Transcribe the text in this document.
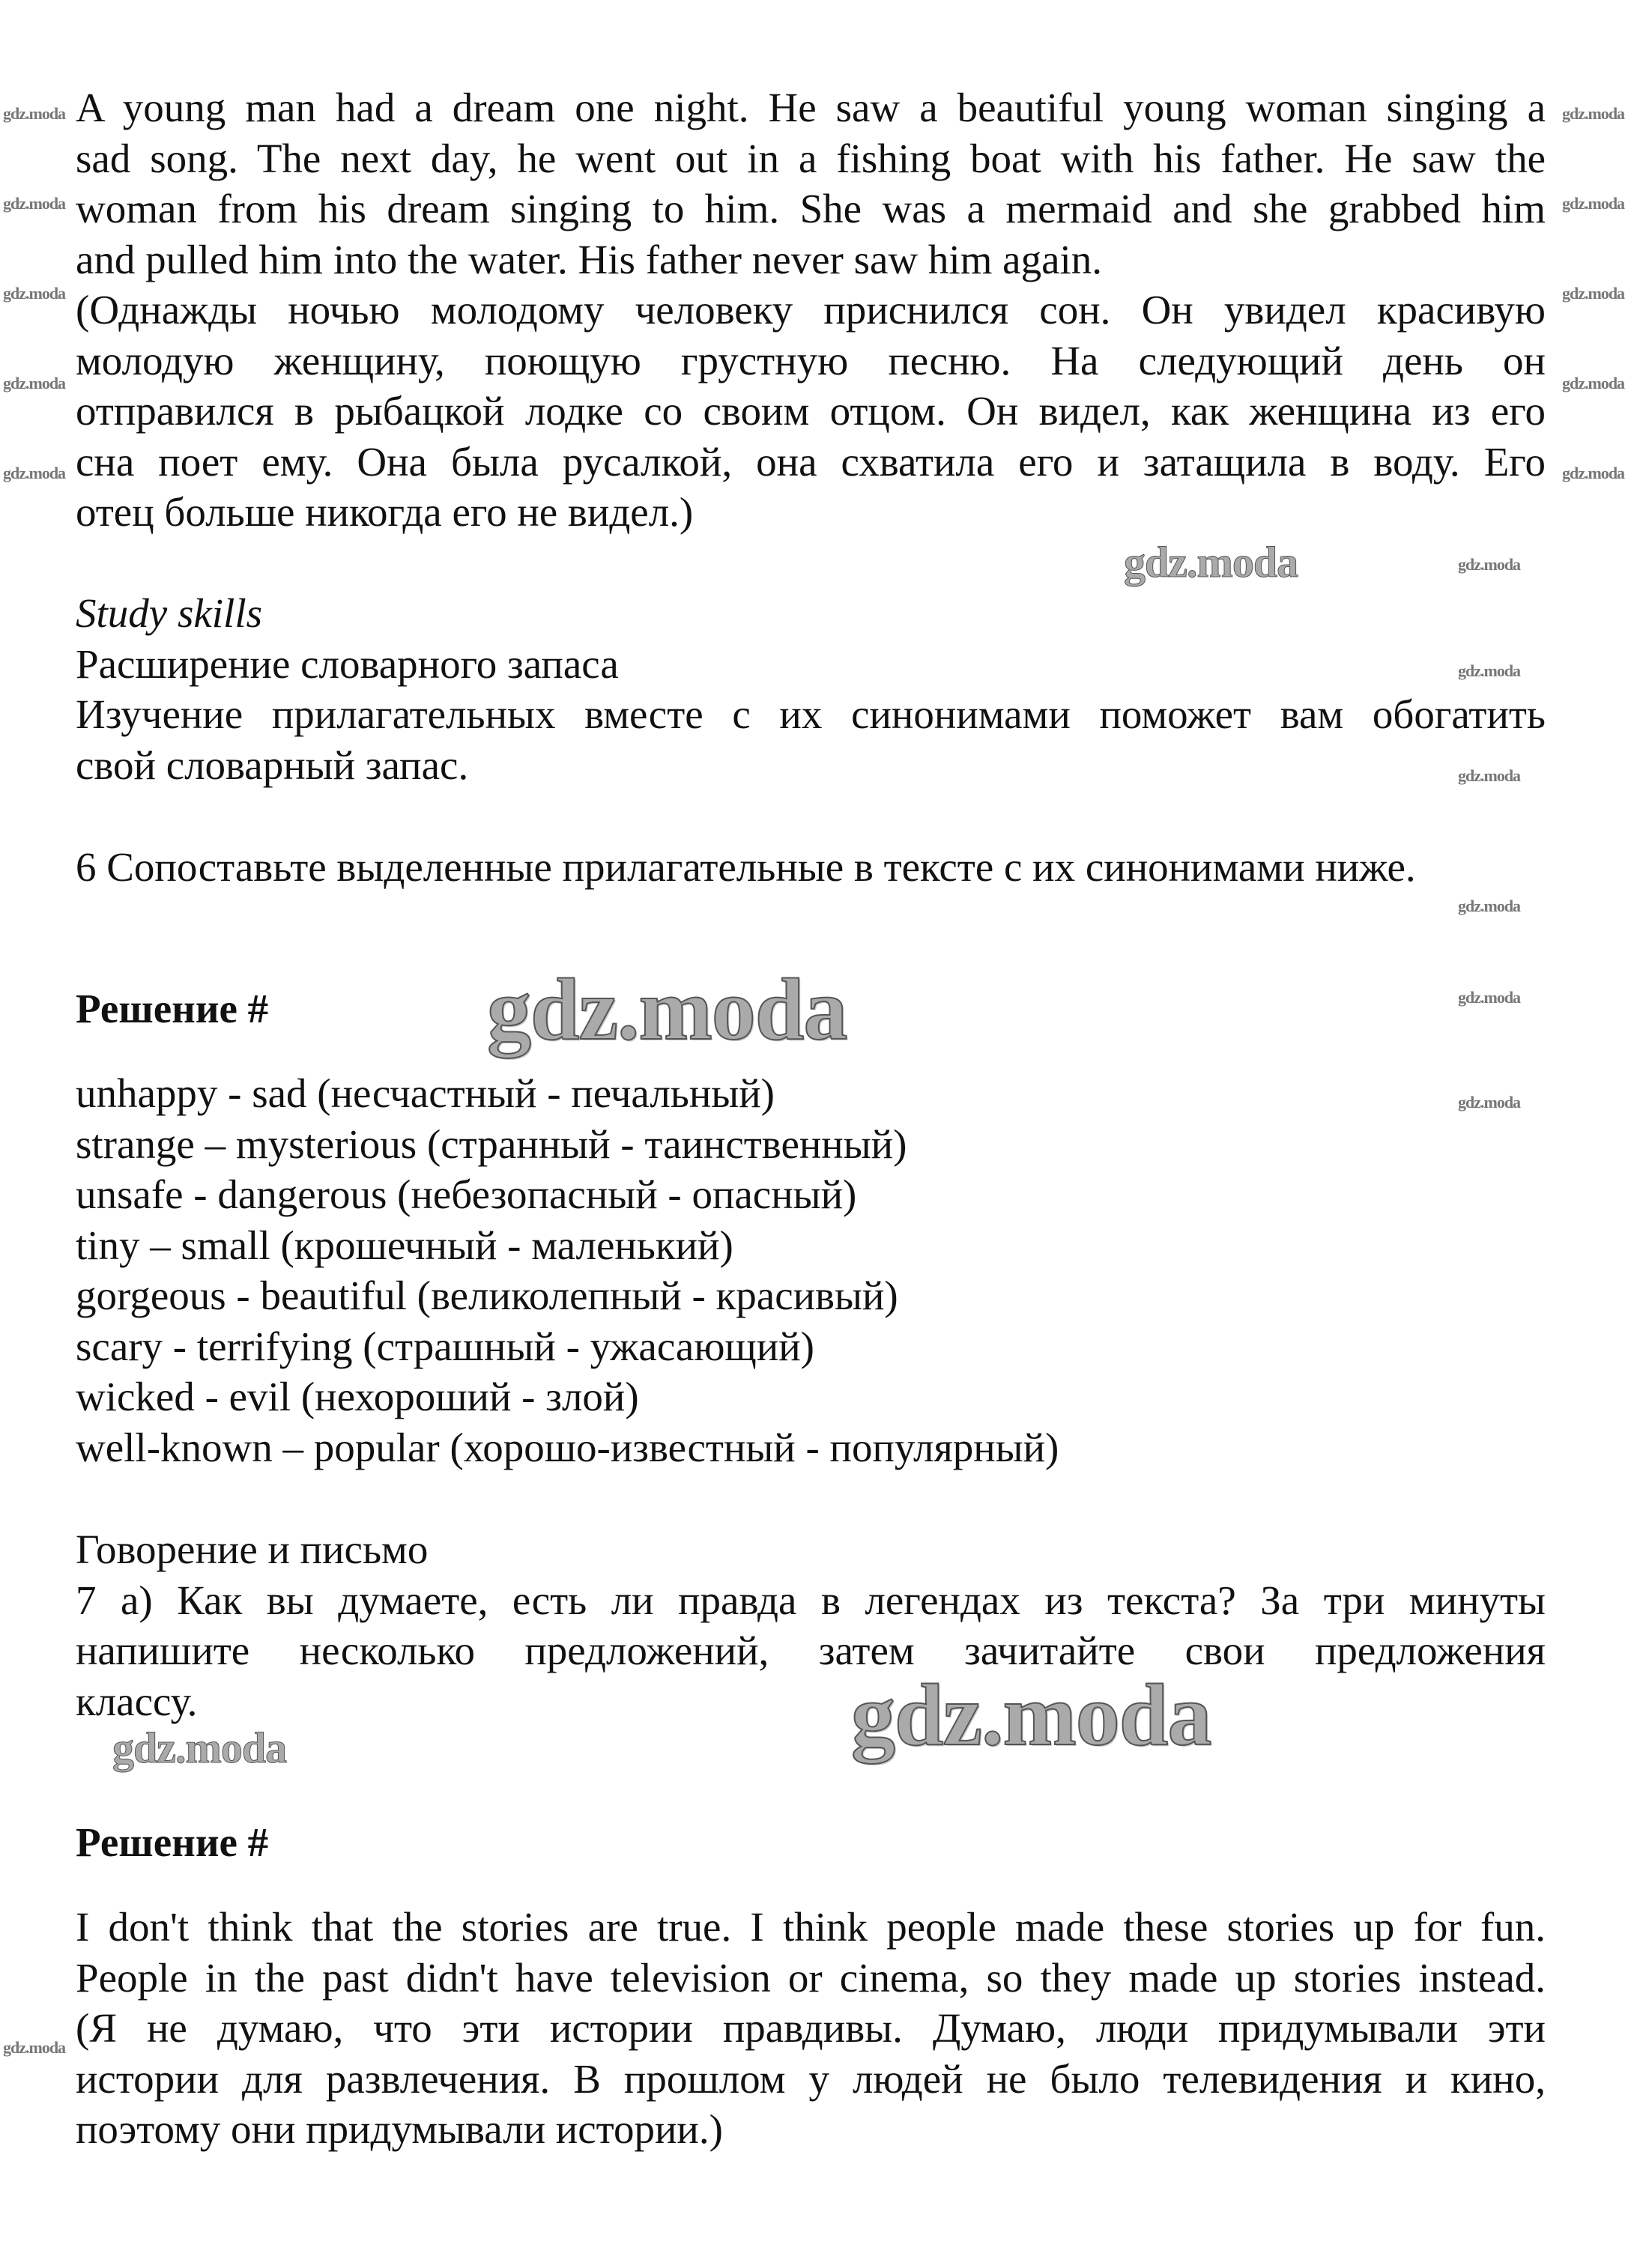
A young man had a dream one night. He saw a beautiful young woman singing a
sad song. The next day, he went out in a fishing boat with his father. He saw the
woman from his dream singing to him. She was a mermaid and she grabbed him
and pulled him into the water. His father never saw him again.
(Однажды ночью молодому человеку приснился сон. Он увидел красивую
молодую женщину, поющую грустную песню. На следующий день он
отправился в рыбацкой лодке со своим отцом. Он видел, как женщина из его
сна поет ему. Она была русалкой, она схватила его и затащила в воду. Его
отец больше никогда его не видел.)
Study skills
Расширение словарного запаса
Изучение прилагательных вместе с их синонимами поможет вам обогатить
свой словарный запас.
6 Сопоставьте выделенные прилагательные в тексте с их синонимами ниже.
Решение #
unhappy - sad (несчастный - печальный)
strange – mysterious (странный - таинственный)
unsafe - dangerous (небезопасный - опасный)
tiny – small (крошечный - маленький)
gorgeous - beautiful (великолепный - красивый)
scary - terrifying (страшный - ужасающий)
wicked - evil (нехороший - злой)
well-known – popular (хорошо-известный - популярный)
Говорение и письмо
7 a) Как вы думаете, есть ли правда в легендах из текста? За три минуты
напишите несколько предложений, затем зачитайте свои предложения
классу.
Решение #
I don't think that the stories are true. I think people made these stories up for fun.
People in the past didn't have television or cinema, so they made up stories instead.
(Я не думаю, что эти истории правдивы. Думаю, люди придумывали эти
истории для развлечения. В прошлом у людей не было телевидения и кино,
поэтому они придумывали истории.)
gdz.moda
gdz.moda
gdz.moda
gdz.moda
gdz.moda
gdz.moda
gdz.moda
gdz.moda
gdz.moda
gdz.moda
gdz.moda
gdz.moda
gdz.moda
gdz.moda
gdz.moda
gdz.moda
gdz.moda
gdz.moda
gdz.moda
gdz.moda
gdz.moda
